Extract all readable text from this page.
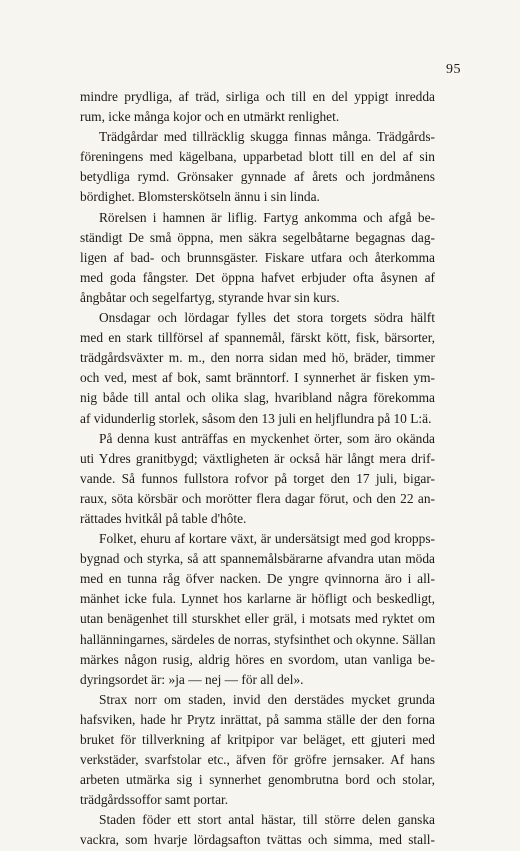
95
mindre prydliga, af träd, sirliga och till en del yppigt inredda
rum, icke många kojor och en utmärkt renlighet.
Trädgårdar med tillräcklig skugga finnas många. Trädgårds-
föreningens med kägelbana, upparbetad blott till en del af sin
betydliga rymd. Grönsaker gynnade af årets och jordmånens
bördighet. Blomsterskötseln ännu i sin linda.
Rörelsen i hamnen är liflig. Fartyg ankomma och afgå be-
ständigt De små öppna, men säkra segelbåtarne begagnas dag-
ligen af bad- och brunnsgäster. Fiskare utfara och återkomma
med goda fångster. Det öppna hafvet erbjuder ofta åsynen af
ångbåtar och segelfartyg, styrande hvar sin kurs.
Onsdagar och lördagar fylles det stora torgets södra hälft
med en stark tillförsel af spannemål, färskt kött, fisk, bärsorter,
trädgårdsväxter m. m., den norra sidan med hö, bräder, timmer
och ved, mest af bok, samt bränntorf. I synnerhet är fisken ym-
nig både till antal och olika slag, hvaribland några förekomma
af vidunderlig storlek, såsom den 13 juli en heljflundra på 10 L:ä.
På denna kust anträffas en myckenhet örter, som äro okända
uti Ydres granitbygd; växtligheten är också här långt mera drif-
vande. Så funnos fullstora rofvor på torget den 17 juli, bigar-
raux, söta körsbär och morötter flera dagar förut, och den 22 an-
rättades hvitkål på table d'hôte.
Folket, ehuru af kortare växt, är undersätsigt med god kropps-
bygnad och styrka, så att spannemålsbärarne afvandra utan möda
med en tunna råg öfver nacken. De yngre qvinnorna äro i all-
mänhet icke fula. Lynnet hos karlarne är höfligt och beskedligt,
utan benägenhet till sturskhet eller gräl, i motsats med ryktet om
hallänningarnes, särdeles de norras, styfsinthet och okynne. Sällan
märkes någon rusig, aldrig höres en svordom, utan vanliga be-
dyringsordet är: »ja — nej — för all del».
Strax norr om staden, invid den derstädes mycket grunda
hafsviken, hade hr Prytz inrättat, på samma ställe der den forna
bruket för tillverkning af kritpipor var beläget, ett gjuteri med
verkstäder, svarfstolar etc., äfven för gröfre jernsaker. Af hans
arbeten utmärka sig i synnerhet genombrutna bord och stolar,
trädgårdssoffor samt portar.
Staden föder ett stort antal hästar, till större delen ganska
vackra, som hvarje lördagsafton tvättas och simma, med stall-
